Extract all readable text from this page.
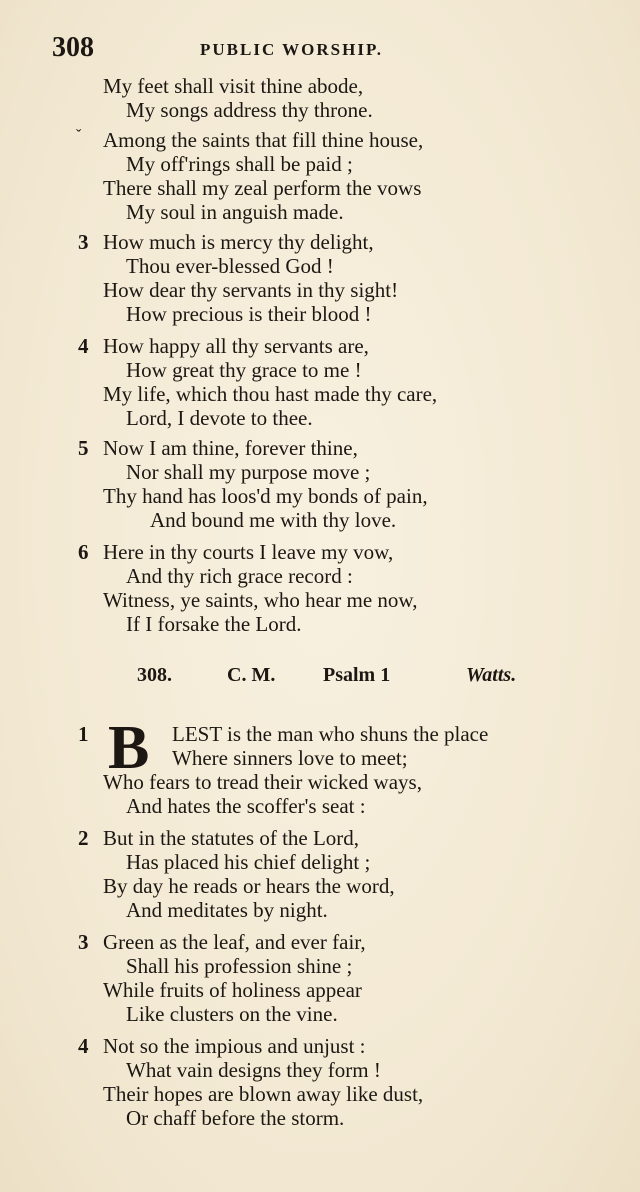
308	PUBLIC WORSHIP.
My feet shall visit thine abode,
My songs address thy throne.
ˇ Among the saints that fill thine house,
My off'rings shall be paid ;
There shall my zeal perform the vows
My soul in anguish made.
3 How much is mercy thy delight,
Thou ever-blessed God !
How dear thy servants in thy sight!
How precious is their blood !
4 How happy all thy servants are,
How great thy grace to me !
My life, which thou hast made thy care,
Lord, I devote to thee.
5 Now I am thine, forever thine,
Nor shall my purpose move ;
Thy hand has loos'd my bonds of pain,
And bound me with thy love.
6 Here in thy courts I leave my vow,
And thy rich grace record :
Witness, ye saints, who hear me now,
If I forsake the Lord.
308.	C. M. Psalm 1	Watts.
B
1	LEST is the man who shuns the place
Where sinners love to meet;
Who fears to tread their wicked ways,
And hates the scoffer's seat :
2 But in the statutes of the Lord,
Has placed his chief delight ;
By day he reads or hears the word,
And meditates by night.
3 Green as the leaf, and ever fair,
Shall his profession shine ;
While fruits of holiness appear
Like clusters on the vine.
4 Not so the impious and unjust :
What vain designs they form !
Their hopes are blown away like dust,
Or chaff before the storm.
